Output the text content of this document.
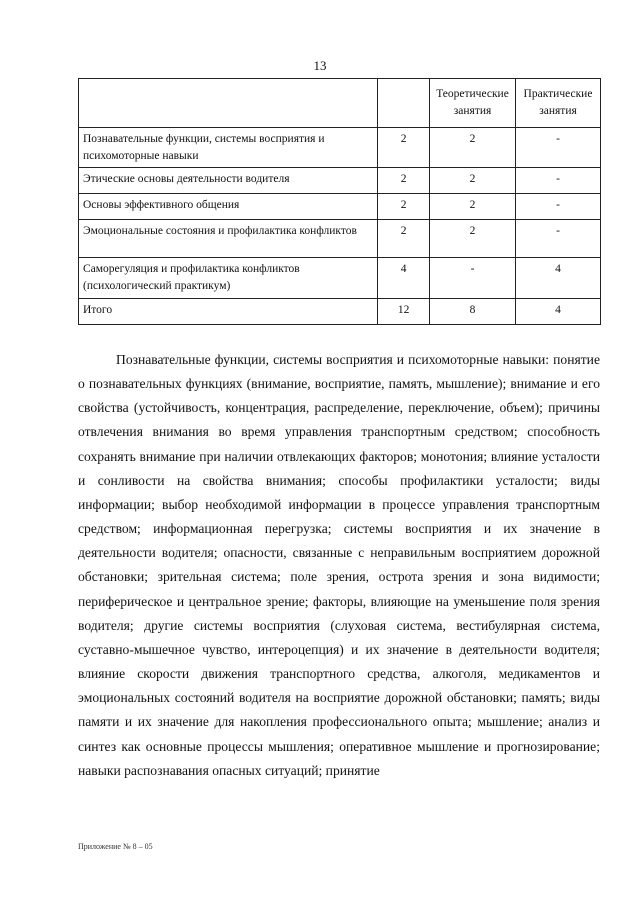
13
		Теоретические занятия	Практические занятия
Познавательные функции, системы восприятия и психомоторные навыки	2	2	-
Этические основы деятельности водителя	2	2	-
Основы эффективного общения	2	2	-
Эмоциональные состояния и профилактика конфликтов	2	2	-
Саморегуляция и профилактика конфликтов (психологический практикум)	4	-	4
Итого	12	8	4

Познавательные функции, системы восприятия и психомоторные навыки: понятие о познавательных функциях (внимание, восприятие, память, мышление); внимание и его свойства (устойчивость, концентрация, распределение, переключение, объем); причины отвлечения внимания во время управления транспортным средством; способность сохранять внимание при наличии отвлекающих факторов; монотония; влияние усталости и сонливости на свойства внимания; способы профилактики усталости; виды информации; выбор необходимой информации в процессе управления транспортным средством; информационная перегрузка; системы восприятия и их значение в деятельности водителя; опасности, связанные с неправильным восприятием дорожной обстановки; зрительная система; поле зрения, острота зрения и зона видимости; периферическое и центральное зрение; факторы, влияющие на уменьшение поля зрения водителя; другие системы восприятия (слуховая система, вестибулярная система, суставно-мышечное чувство, интероцепция) и их значение в деятельности водителя; влияние скорости движения транспортного средства, алкоголя, медикаментов и эмоциональных состояний водителя на восприятие дорожной обстановки; память; виды памяти и их значение для накопления профессионального опыта; мышление; анализ и синтез как основные процессы мышления; оперативное мышление и прогнозирование; навыки распознавания опасных ситуаций; принятие

Приложение № 8 – 05
